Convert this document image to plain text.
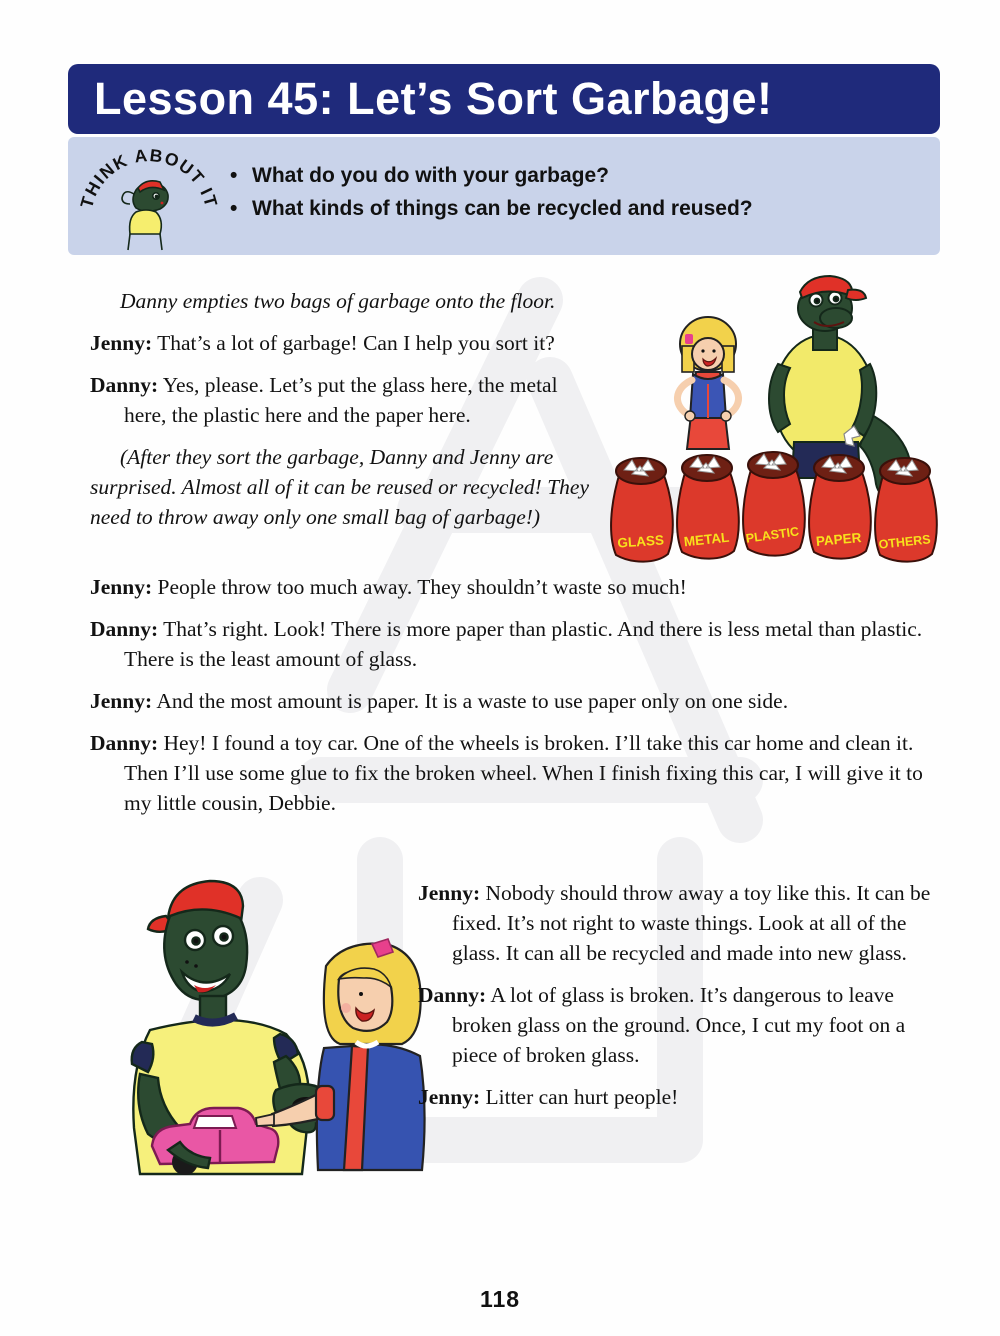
Lesson 45: Let’s Sort Garbage!
THINK ABOUT IT
• What do you do with your garbage?
• What kinds of things can be recycled and reused?
GLASS METAL PLASTIC PAPER OTHERS

Danny empties two bags of garbage onto the floor.

Jenny: That’s a lot of garbage! Can I help you sort it?

Danny: Yes, please. Let’s put the glass here, the metal here, the plastic here and the paper here.

(After they sort the garbage, Danny and Jenny are surprised. Almost all of it can be reused or recycled! They need to throw away only one small bag of garbage!)

Jenny: People throw too much away. They shouldn’t waste so much!

Danny: That’s right. Look! There is more paper than plastic. And there is less metal than plastic. There is the least amount of glass.

Jenny: And the most amount is paper. It is a waste to use paper only on one side.

Danny: Hey! I found a toy car. One of the wheels is broken. I’ll take this car home and clean it. Then I’ll use some glue to fix the broken wheel. When I finish fixing this car, I will give it to my little cousin, Debbie.

Jenny: Nobody should throw away a toy like this. It can be fixed. It’s not right to waste things. Look at all of the glass. It can all be recycled and made into new glass.

Danny: A lot of glass is broken. It’s dangerous to leave broken glass on the ground. Once, I cut my foot on a piece of broken glass.

Jenny: Litter can hurt people!

118
